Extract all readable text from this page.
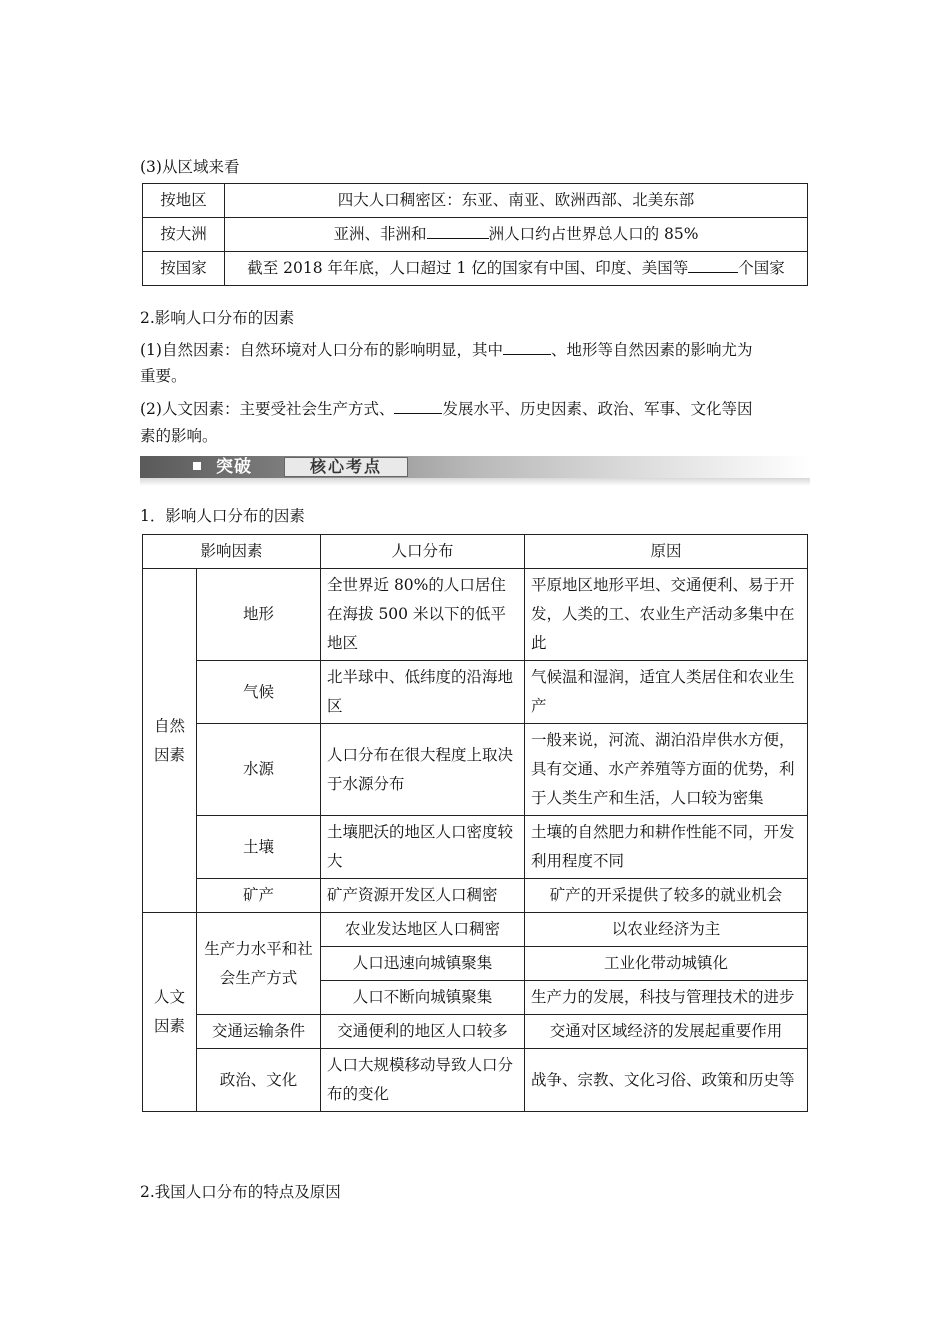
(3)从区域来看
按地区	四大人口稠密区：东亚、南亚、欧洲西部、北美东部
按大洲	亚洲、非洲和 洲人口约占世界总人口的 85%
按国家	截至 2018 年年底，人口超过 1 亿的国家有中国、印度、美国等 个国家
2.影响人口分布的因素
(1)自然因素：自然环境对人口分布的影响明显，其中	、地形等自然因素的影响尤为
重要。
(2)人文因素：主要受社会生产方式、	发展水平、历史因素、政治、军事、文化等因
素的影响。
突破	核心考点
1．影响人口分布的因素
影响因素		人口分布	原因
自然
因素	地形	全世界近 80%的人口居住在海拔 500 米以下的低平地区	平原地区地形平坦、交通便利、易于开发，人类的工、农业生产活动多集中在此
	气候	北半球中、低纬度的沿海地区	气候温和湿润，适宜人类居住和农业生产
	水源	人口分布在很大程度上取决于水源分布	一般来说，河流、湖泊沿岸供水方便，具有交通、水产养殖等方面的优势，利于人类生产和生活，人口较为密集
	土壤	土壤肥沃的地区人口密度较大	土壤的自然肥力和耕作性能不同，开发利用程度不同
	矿产	矿产资源开发区人口稠密	矿产的开采提供了较多的就业机会
人文
因素	生产力水平和社会生产方式	农业发达地区人口稠密	以农业经济为主
		人口迅速向城镇聚集	工业化带动城镇化
		人口不断向城镇聚集	生产力的发展，科技与管理技术的进步
	交通运输条件	交通便利的地区人口较多	交通对区域经济的发展起重要作用
	政治、文化	人口大规模移动导致人口分布的变化	战争、宗教、文化习俗、政策和历史等
2.我国人口分布的特点及原因
